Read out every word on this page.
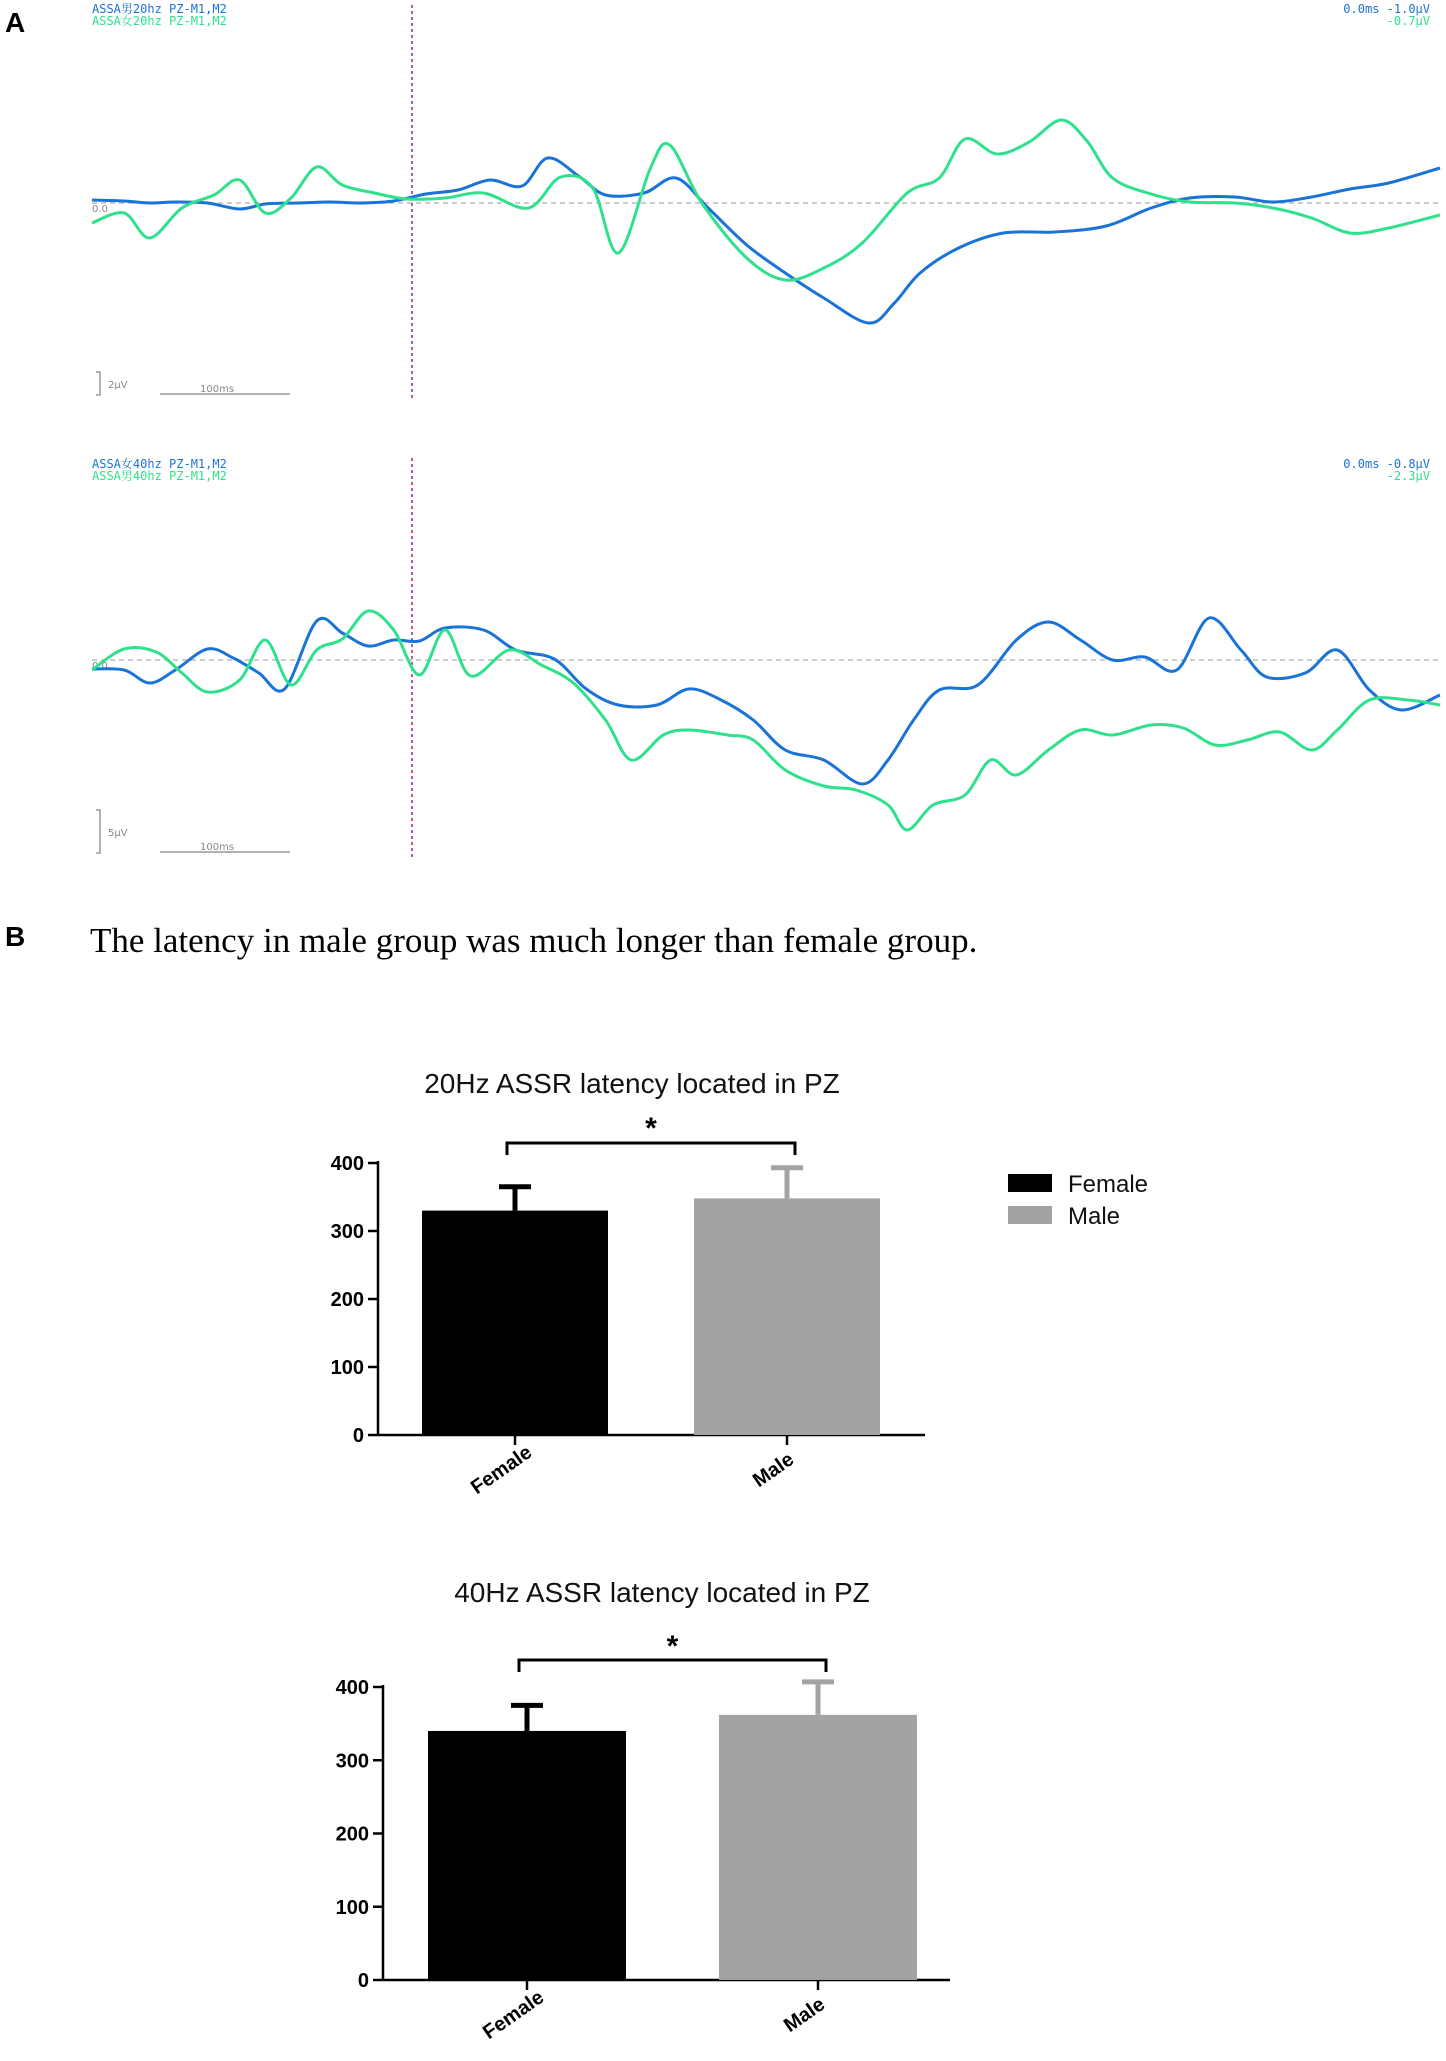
A
B The latency in male group was much longer than female group.
ASSA男20hz PZ-M1,M2
ASSA女20hz PZ-M1,M2
0.0ms -1.0µV
-0.7µV
0.0
2µV	100ms
ASSA女40hz PZ-M1,M2
ASSA男40hz PZ-M1,M2
0.0ms -0.8µV
-2.3µV
0.0
5µV
100ms
20Hz ASSR latency located in PZ
0
100
200
300
400
Female	Male
*
40Hz ASSR latency located in PZ
0
100
200
300
400
Female	Male
*
Female
Male
